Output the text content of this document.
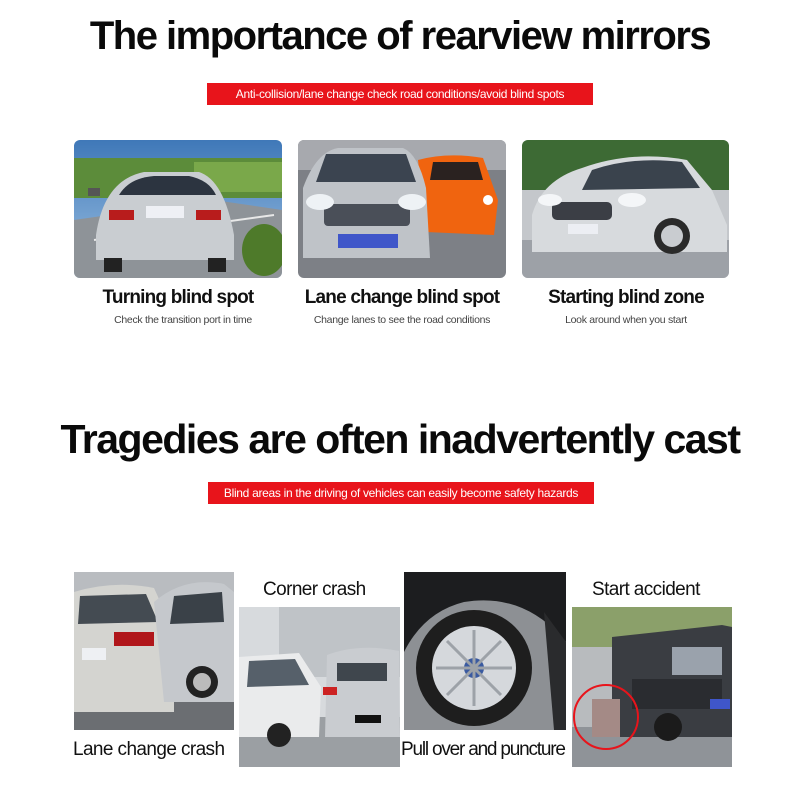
The importance of rearview mirrors
Anti-collision/lane change check road conditions/avoid blind spots
Turning blind spot
Check the transition port in time
Lane change blind spot
Change lanes to see the road conditions
Starting blind zone
Look around when you start
Tragedies are often inadvertently cast
Blind areas in the driving of vehicles can easily become safety hazards
Lane change crash
Corner crash
Pull over and puncture
Start accident
